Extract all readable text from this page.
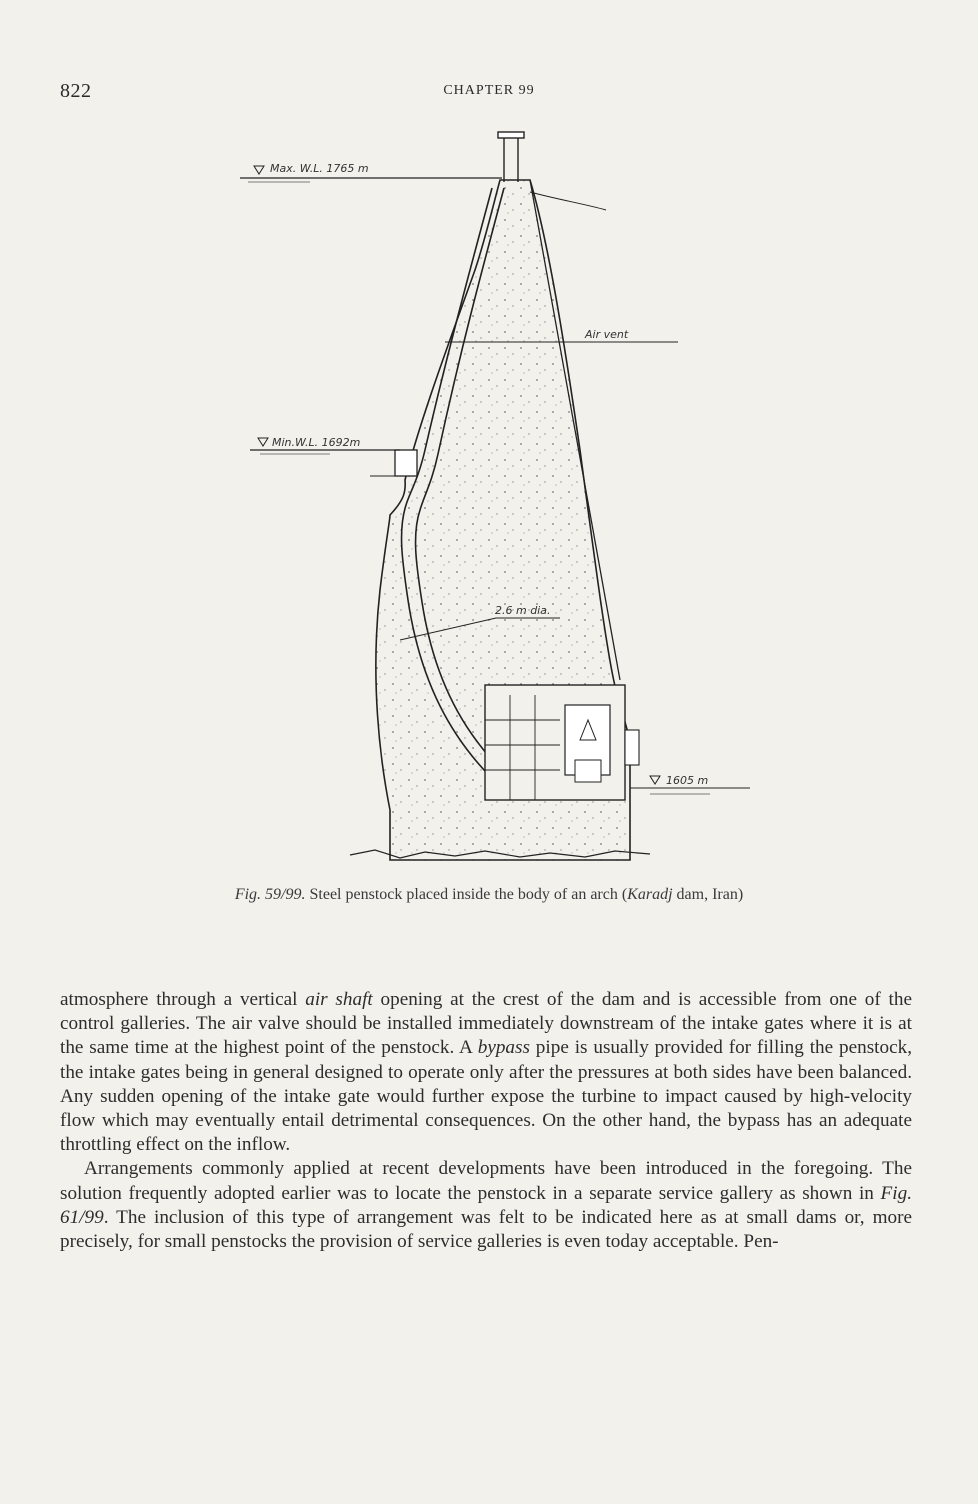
822	CHAPTER 99
Max. W.L. 1765 m
Min.W.L. 1692m
Air vent
2.6 m dia.
1605 m
Fig. 59/99. Steel penstock placed inside the body of an arch (Karadj dam, Iran)

atmosphere through a vertical air shaft opening at the crest of the dam and is accessible from one of the control galleries. The air valve should be installed immediately downstream of the intake gates where it is at the same time at the highest point of the penstock. A bypass pipe is usually provided for filling the penstock, the intake gates being in general designed to operate only after the pressures at both sides have been balanced. Any sudden opening of the intake gate would further expose the turbine to impact caused by high-velocity flow which may eventually entail detrimental consequences. On the other hand, the bypass has an adequate throttling effect on the inflow.

Arrangements commonly applied at recent developments have been introduced in the foregoing. The solution frequently adopted earlier was to locate the penstock in a separate service gallery as shown in Fig. 61/99. The inclusion of this type of arrangement was felt to be indicated here as at small dams or, more precisely, for small penstocks the provision of service galleries is even today acceptable. Pen-
